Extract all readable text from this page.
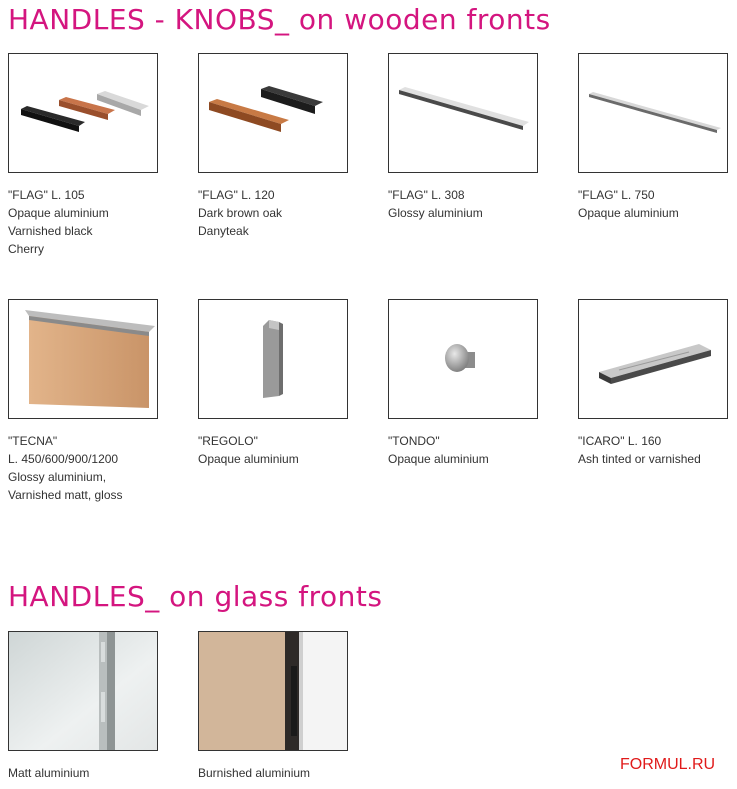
HANDLES - KNOBS_ on wooden fronts
"FLAG" L. 105
Opaque aluminium
Varnished black
Cherry
"FLAG" L. 120
Dark brown oak
Danyteak
"FLAG" L. 308
Glossy aluminium
"FLAG" L. 750
Opaque aluminium
"TECNA"
L. 450/600/900/1200
Glossy aluminium,
Varnished matt, gloss
"REGOLO"
Opaque aluminium
"TONDO"
Opaque aluminium
"ICARO" L. 160
Ash tinted or varnished
HANDLES_ on glass fronts
Matt aluminium	Burnished aluminium	FORMUL.RU
